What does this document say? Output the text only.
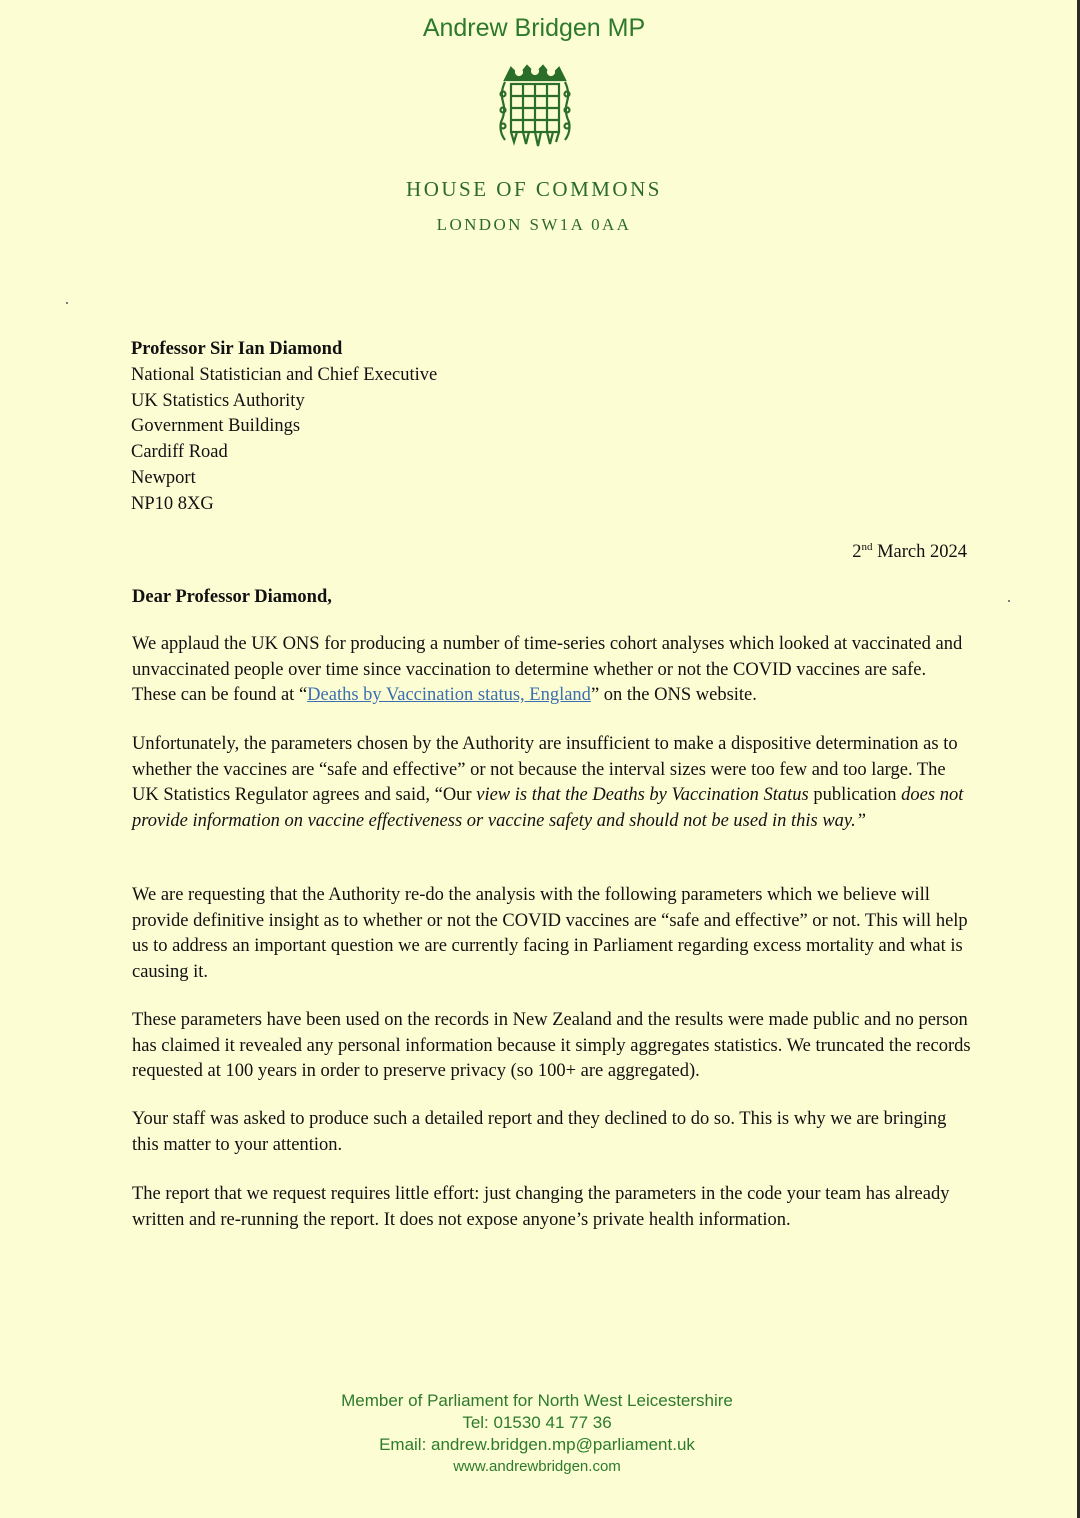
Andrew Bridgen MP
HOUSE OF COMMONS
LONDON SW1A 0AA
Professor Sir Ian Diamond
National Statistician and Chief Executive
UK Statistics Authority
Government Buildings
Cardiff Road
Newport
NP10 8XG
2nd March 2024
Dear Professor Diamond,

We applaud the UK ONS for producing a number of time-series cohort analyses which looked at vaccinated and unvaccinated people over time since vaccination to determine whether or not the COVID vaccines are safe. These can be found at “Deaths by Vaccination status, England” on the ONS website.

Unfortunately, the parameters chosen by the Authority are insufficient to make a dispositive determination as to whether the vaccines are “safe and effective” or not because the interval sizes were too few and too large. The UK Statistics Regulator agrees and said, “Our view is that the Deaths by Vaccination Status publication does not provide information on vaccine effectiveness or vaccine safety and should not be used in this way.”

We are requesting that the Authority re-do the analysis with the following parameters which we believe will provide definitive insight as to whether or not the COVID vaccines are “safe and effective” or not. This will help us to address an important question we are currently facing in Parliament regarding excess mortality and what is causing it.

These parameters have been used on the records in New Zealand and the results were made public and no person has claimed it revealed any personal information because it simply aggregates statistics. We truncated the records requested at 100 years in order to preserve privacy (so 100+ are aggregated).

Your staff was asked to produce such a detailed report and they declined to do so. This is why we are bringing this matter to your attention.

The report that we request requires little effort: just changing the parameters in the code your team has already written and re-running the report. It does not expose anyone’s private health information.

Member of Parliament for North West Leicestershire
Tel: 01530 41 77 36
Email: andrew.bridgen.mp@parliament.uk
www.andrewbridgen.com
